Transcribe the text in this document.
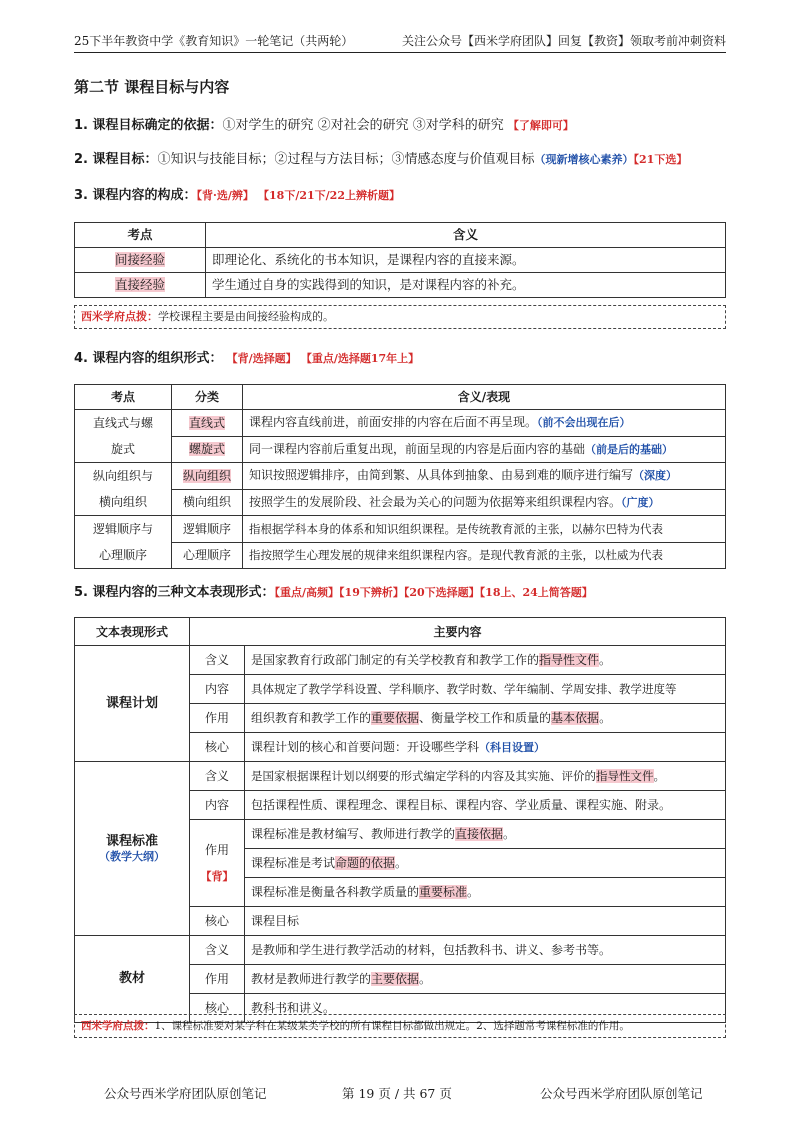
25下半年教资中学《教育知识》一轮笔记（共两轮）	关注公众号【西米学府团队】回复【教资】领取考前冲刺资料
第二节 课程目标与内容
1. 课程目标确定的依据：①对学生的研究 ②对社会的研究 ③对学科的研究 【了解即可】
2. 课程目标：①知识与技能目标；②过程与方法目标；③情感态度与价值观目标（现新增核心素养）【21下选】
3. 课程内容的构成：【背·选/辨】 【18下/21下/22上辨析题】
考点	含义
间接经验	即理论化、系统化的书本知识，是课程内容的直接来源。
直接经验	学生通过自身的实践得到的知识，是对课程内容的补充。
西米学府点拨：学校课程主要是由间接经验构成的。
4. 课程内容的组织形式： 【背/选择题】 【重点/选择题17年上】
考点	分类	含义/表现
直线式与螺
旋式	直线式	课程内容直线前进，前面安排的内容在后面不再呈现。（前不会出现在后）
	螺旋式	同一课程内容前后重复出现，前面呈现的内容是后面内容的基础（前是后的基础）
纵向组织与
横向组织	纵向组织	知识按照逻辑排序，由简到繁、从具体到抽象、由易到难的顺序进行编写（深度）
	横向组织	按照学生的发展阶段、社会最为关心的问题为依据筹来组织课程内容。（广度）
逻辑顺序与
心理顺序	逻辑顺序	指根据学科本身的体系和知识组织课程。是传统教育派的主张，以赫尔巴特为代表
	心理顺序	指按照学生心理发展的规律来组织课程内容。是现代教育派的主张，以杜威为代表
5. 课程内容的三种文本表现形式：【重点/高频】【19下辨析】【20下选择题】【18上、24上简答题】
文本表现形式	主要内容	
课程计划	含义	是国家教育行政部门制定的有关学校教育和教学工作的指导性文件。
	内容	具体规定了教学学科设置、学科顺序、教学时数、学年编制、学周安排、教学进度等
	作用	组织教育和教学工作的重要依据、衡量学校工作和质量的基本依据。
	核心	课程计划的核心和首要问题：开设哪些学科（科目设置）
课程标准
（教学大纲）	含义	是国家根据课程计划以纲要的形式编定学科的内容及其实施、评价的指导性文件。
	内容	包括课程性质、课程理念、课程目标、课程内容、学业质量、课程实施、附录。
	作用
【背】	课程标准是教材编写、教师进行教学的直接依据。
		课程标准是考试命题的依据。
		课程标准是衡量各科教学质量的重要标准。
	核心	课程目标
教材	含义	是教师和学生进行教学活动的材料，包括教科书、讲义、参考书等。
	作用	教材是教师进行教学的主要依据。
	核心	教科书和讲义。
西米学府点拨：1、课程标准要对某学科在某级某类学校的所有课程目标都做出规定。2、选择题常考课程标准的作用。
公众号西米学府团队原创笔记	第 19 页 / 共 67 页	公众号西米学府团队原创笔记
